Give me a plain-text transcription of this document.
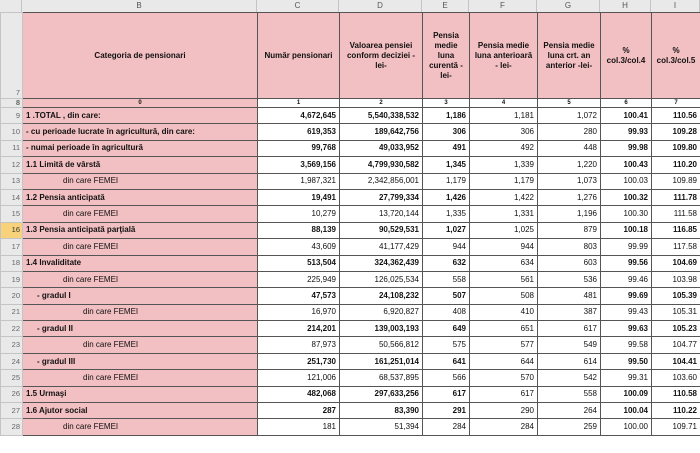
B	C	D	E	F	G	H	I
7	Categoria de pensionari	Număr pensionari	Valoarea pensiei conform deciziei -lei-	Pensia medie luna curentă -lei-	Pensia medie luna anterioară - lei-	Pensia medie luna crt. an anterior -lei-	% col.3/col.4	% col.3/col.5
8	0	1	2	3	4	5	6	7
9	1 .TOTAL , din care:	4,672,645	5,540,338,532	1,186	1,181	1,072	100.41	110.56
10	- cu perioade lucrate în agricultură, din care:	619,353	189,642,756	306	306	280	99.93	109.28
11	- numai perioade în agricultură	99,768	49,033,952	491	492	448	99.98	109.80
12	1.1 Limită de vârstă	3,569,156	4,799,930,582	1,345	1,339	1,220	100.43	110.20
13	din care FEMEI	1,987,321	2,342,856,001	1,179	1,179	1,073	100.03	109.89
14	1.2 Pensia anticipată	19,491	27,799,334	1,426	1,422	1,276	100.32	111.78
15	din care FEMEI	10,279	13,720,144	1,335	1,331	1,196	100.30	111.58
16	1.3 Pensia anticipată parţială	88,139	90,529,531	1,027	1,025	879	100.18	116.85
17	din care FEMEI	43,609	41,177,429	944	944	803	99.99	117.58
18	1.4 Invaliditate	513,504	324,362,439	632	634	603	99.56	104.69
19	din care FEMEI	225,949	126,025,534	558	561	536	99.46	103.98
20	- gradul I	47,573	24,108,232	507	508	481	99.69	105.39
21	din care FEMEI	16,970	6,920,827	408	410	387	99.43	105.31
22	- gradul II	214,201	139,003,193	649	651	617	99.63	105.23
23	din care FEMEI	87,973	50,566,812	575	577	549	99.58	104.77
24	- gradul III	251,730	161,251,014	641	644	614	99.50	104.41
25	din care FEMEI	121,006	68,537,895	566	570	542	99.31	103.60
26	1.5 Urmaşi	482,068	297,633,256	617	617	558	100.09	110.58
27	1.6 Ajutor social	287	83,390	291	290	264	100.04	110.22
28	din care FEMEI	181	51,394	284	284	259	100.00	109.71
